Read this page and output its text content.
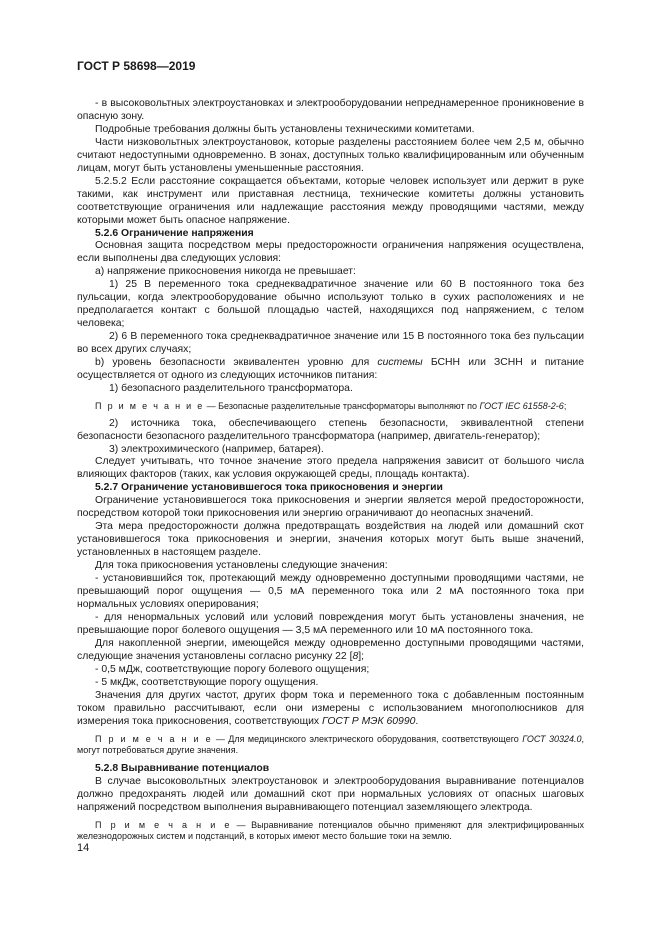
ГОСТ Р 58698—2019

- в высоковольтных электроустановках и электрооборудовании непреднамеренное проникновение в опасную зону.

Подробные требования должны быть установлены техническими комитетами.

Части низковольтных электроустановок, которые разделены расстоянием более чем 2,5 м, обычно считают недоступными одновременно. В зонах, доступных только квалифицированным или обученным лицам, могут быть установлены уменьшенные расстояния.

5.2.5.2 Если расстояние сокращается объектами, которые человек использует или держит в руке такими, как инструмент или приставная лестница, технические комитеты должны установить соответствующие ограничения или надлежащие расстояния между проводящими частями, между которыми может быть опасное напряжение.

5.2.6 Ограничение напряжения

Основная защита посредством меры предосторожности ограничения напряжения осуществлена, если выполнены два следующих условия:

а) напряжение прикосновения никогда не превышает:

1) 25 В переменного тока среднеквадратичное значение или 60 В постоянного тока без пульсации, когда электрооборудование обычно используют только в сухих расположениях и не предполагается контакт с большой площадью частей, находящихся под напряжением, с телом человека;

2) 6 В переменного тока среднеквадратичное значение или 15 В постоянного тока без пульсации во всех других случаях;

b) уровень безопасности эквивалентен уровню для системы БСНН или ЗСНН и питание осуществляется от одного из следующих источников питания:

1) безопасного разделительного трансформатора.

П р и м е ч а н и е — Безопасные разделительные трансформаторы выполняют по ГОСТ IEC 61558-2-6;

2) источника тока, обеспечивающего степень безопасности, эквивалентной степени безопасности безопасного разделительного трансформатора (например, двигатель-генератор);

3) электрохимического (например, батарея).

Следует учитывать, что точное значение этого предела напряжения зависит от большого числа влияющих факторов (таких, как условия окружающей среды, площадь контакта).

5.2.7 Ограничение установившегося тока прикосновения и энергии

Ограничение установившегося тока прикосновения и энергии является мерой предосторожности, посредством которой токи прикосновения или энергию ограничивают до неопасных значений.

Эта мера предосторожности должна предотвращать воздействия на людей или домашний скот установившегося тока прикосновения и энергии, значения которых могут быть выше значений, установленных в настоящем разделе.

Для тока прикосновения установлены следующие значения:

- установившийся ток, протекающий между одновременно доступными проводящими частями, не превышающий порог ощущения — 0,5 мА переменного тока или 2 мА постоянного тока при нормальных условиях оперирования;

- для ненормальных условий или условий повреждения могут быть установлены значения, не превышающие порог болевого ощущения — 3,5 мА переменного или 10 мА постоянного тока.

Для накопленной энергии, имеющейся между одновременно доступными проводящими частями, следующие значения установлены согласно рисунку 22 [8];

- 0,5 мДж, соответствующие порогу болевого ощущения;

- 5 мкДж, соответствующие порогу ощущения.

Значения для других частот, других форм тока и переменного тока с добавленным постоянным током правильно рассчитывают, если они измерены с использованием многополюсников для измерения тока прикосновения, соответствующих ГОСТ Р МЭК 60990.

П р и м е ч а н и е — Для медицинского электрического оборудования, соответствующего ГОСТ 30324.0, могут потребоваться другие значения.

5.2.8 Выравнивание потенциалов

В случае высоковольтных электроустановок и электрооборудования выравнивание потенциалов должно предохранять людей или домашний скот при нормальных условиях от опасных шаговых напряжений посредством выполнения выравнивающего потенциал заземляющего электрода.

П р и м е ч а н и е — Выравнивание потенциалов обычно применяют для электрифицированных железнодорожных систем и подстанций, в которых имеют место большие токи на землю.

14
